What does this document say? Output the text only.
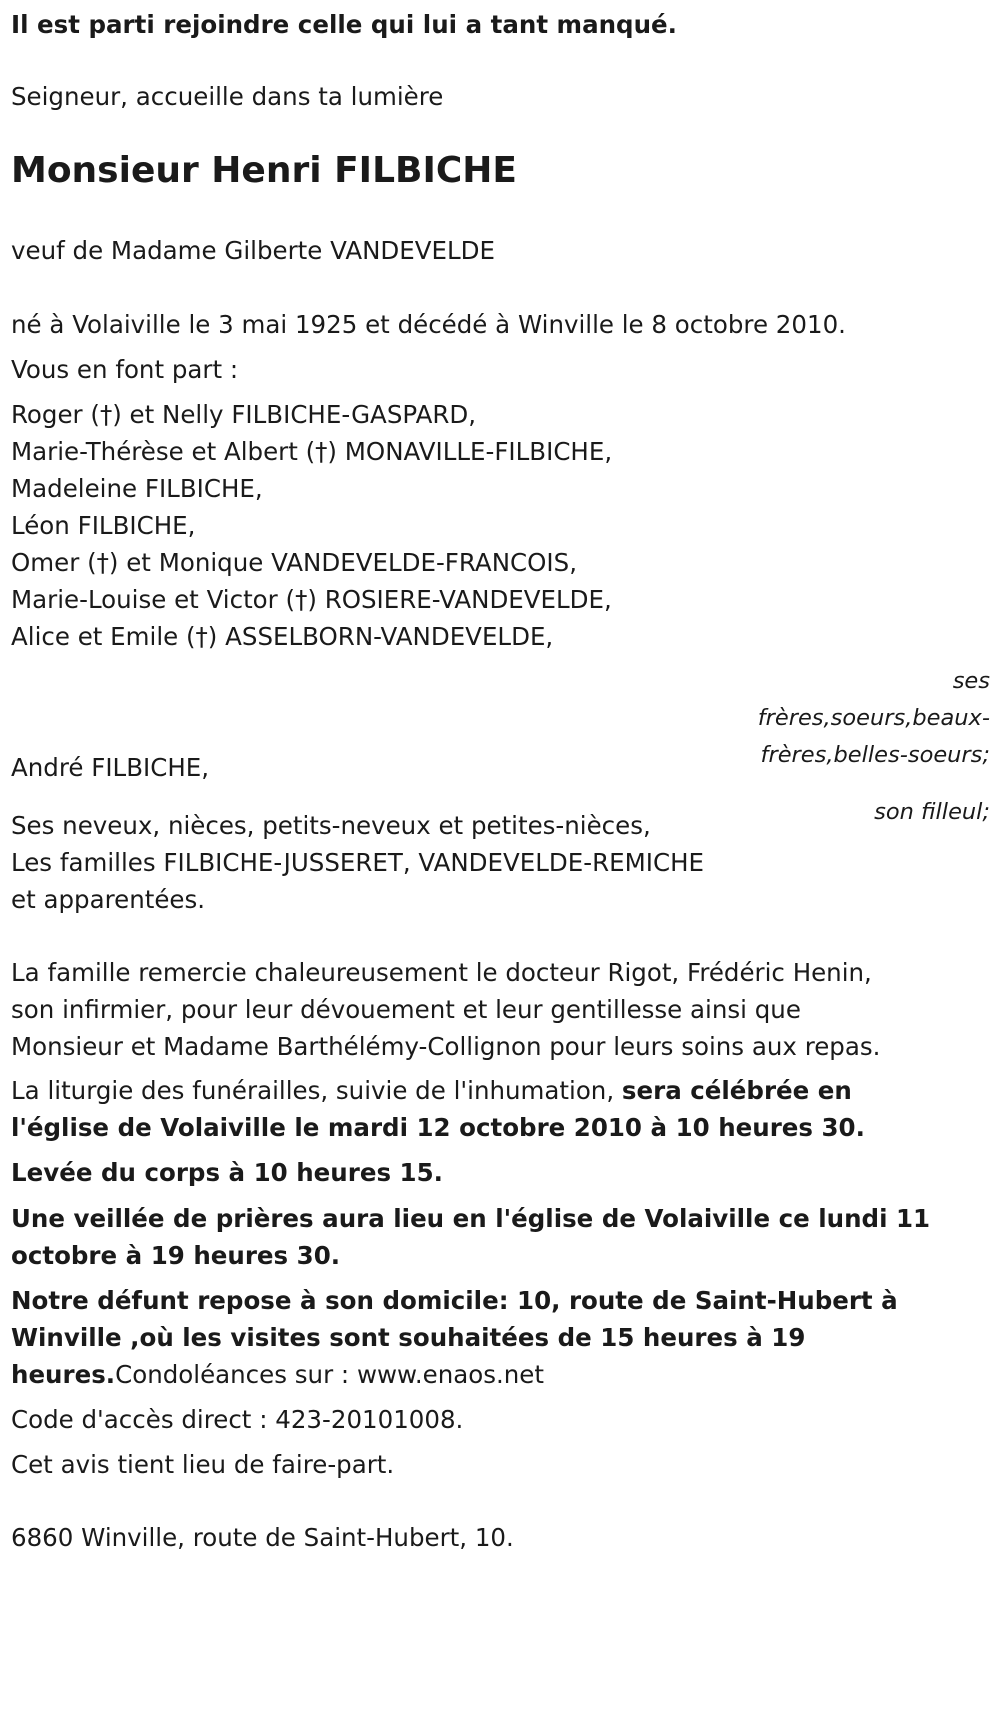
Il est parti rejoindre celle qui lui a tant manqué.

Seigneur, accueille dans ta lumière

Monsieur Henri FILBICHE

veuf de Madame Gilberte VANDEVELDE

né à Volaiville le 3 mai 1925 et décédé à Winville le 8 octobre 2010.

Vous en font part :

Roger (†) et Nelly FILBICHE-GASPARD,

Marie-Thérèse et Albert (†) MONAVILLE-FILBICHE,

Madeleine FILBICHE,

Léon FILBICHE,

Omer (†) et Monique VANDEVELDE-FRANCOIS,

Marie-Louise et Victor (†) ROSIERE-VANDEVELDE,

Alice et Emile (†) ASSELBORN-VANDEVELDE,

ses

frères,soeurs,beaux-

frères,belles-soeurs;

André FILBICHE,

son filleul;

Ses neveux, nièces, petits-neveux et petites-nièces,

Les familles FILBICHE-JUSSERET, VANDEVELDE-REMICHE

et apparentées.

La famille remercie chaleureusement le docteur Rigot, Frédéric Henin,

son infirmier, pour leur dévouement et leur gentillesse ainsi que

Monsieur et Madame Barthélémy-Collignon pour leurs soins aux repas.

La liturgie des funérailles, suivie de l'inhumation, sera célébrée en

l'église de Volaiville le mardi 12 octobre 2010 à 10 heures 30.

Levée du corps à 10 heures 15.

Une veillée de prières aura lieu en l'église de Volaiville ce lundi 11

octobre à 19 heures 30.

Notre défunt repose à son domicile: 10, route de Saint-Hubert à

Winville ,où les visites sont souhaitées de 15 heures à 19

heures.Condoléances sur : www.enaos.net

Code d'accès direct : 423-20101008.

Cet avis tient lieu de faire-part.

6860 Winville, route de Saint-Hubert, 10.
